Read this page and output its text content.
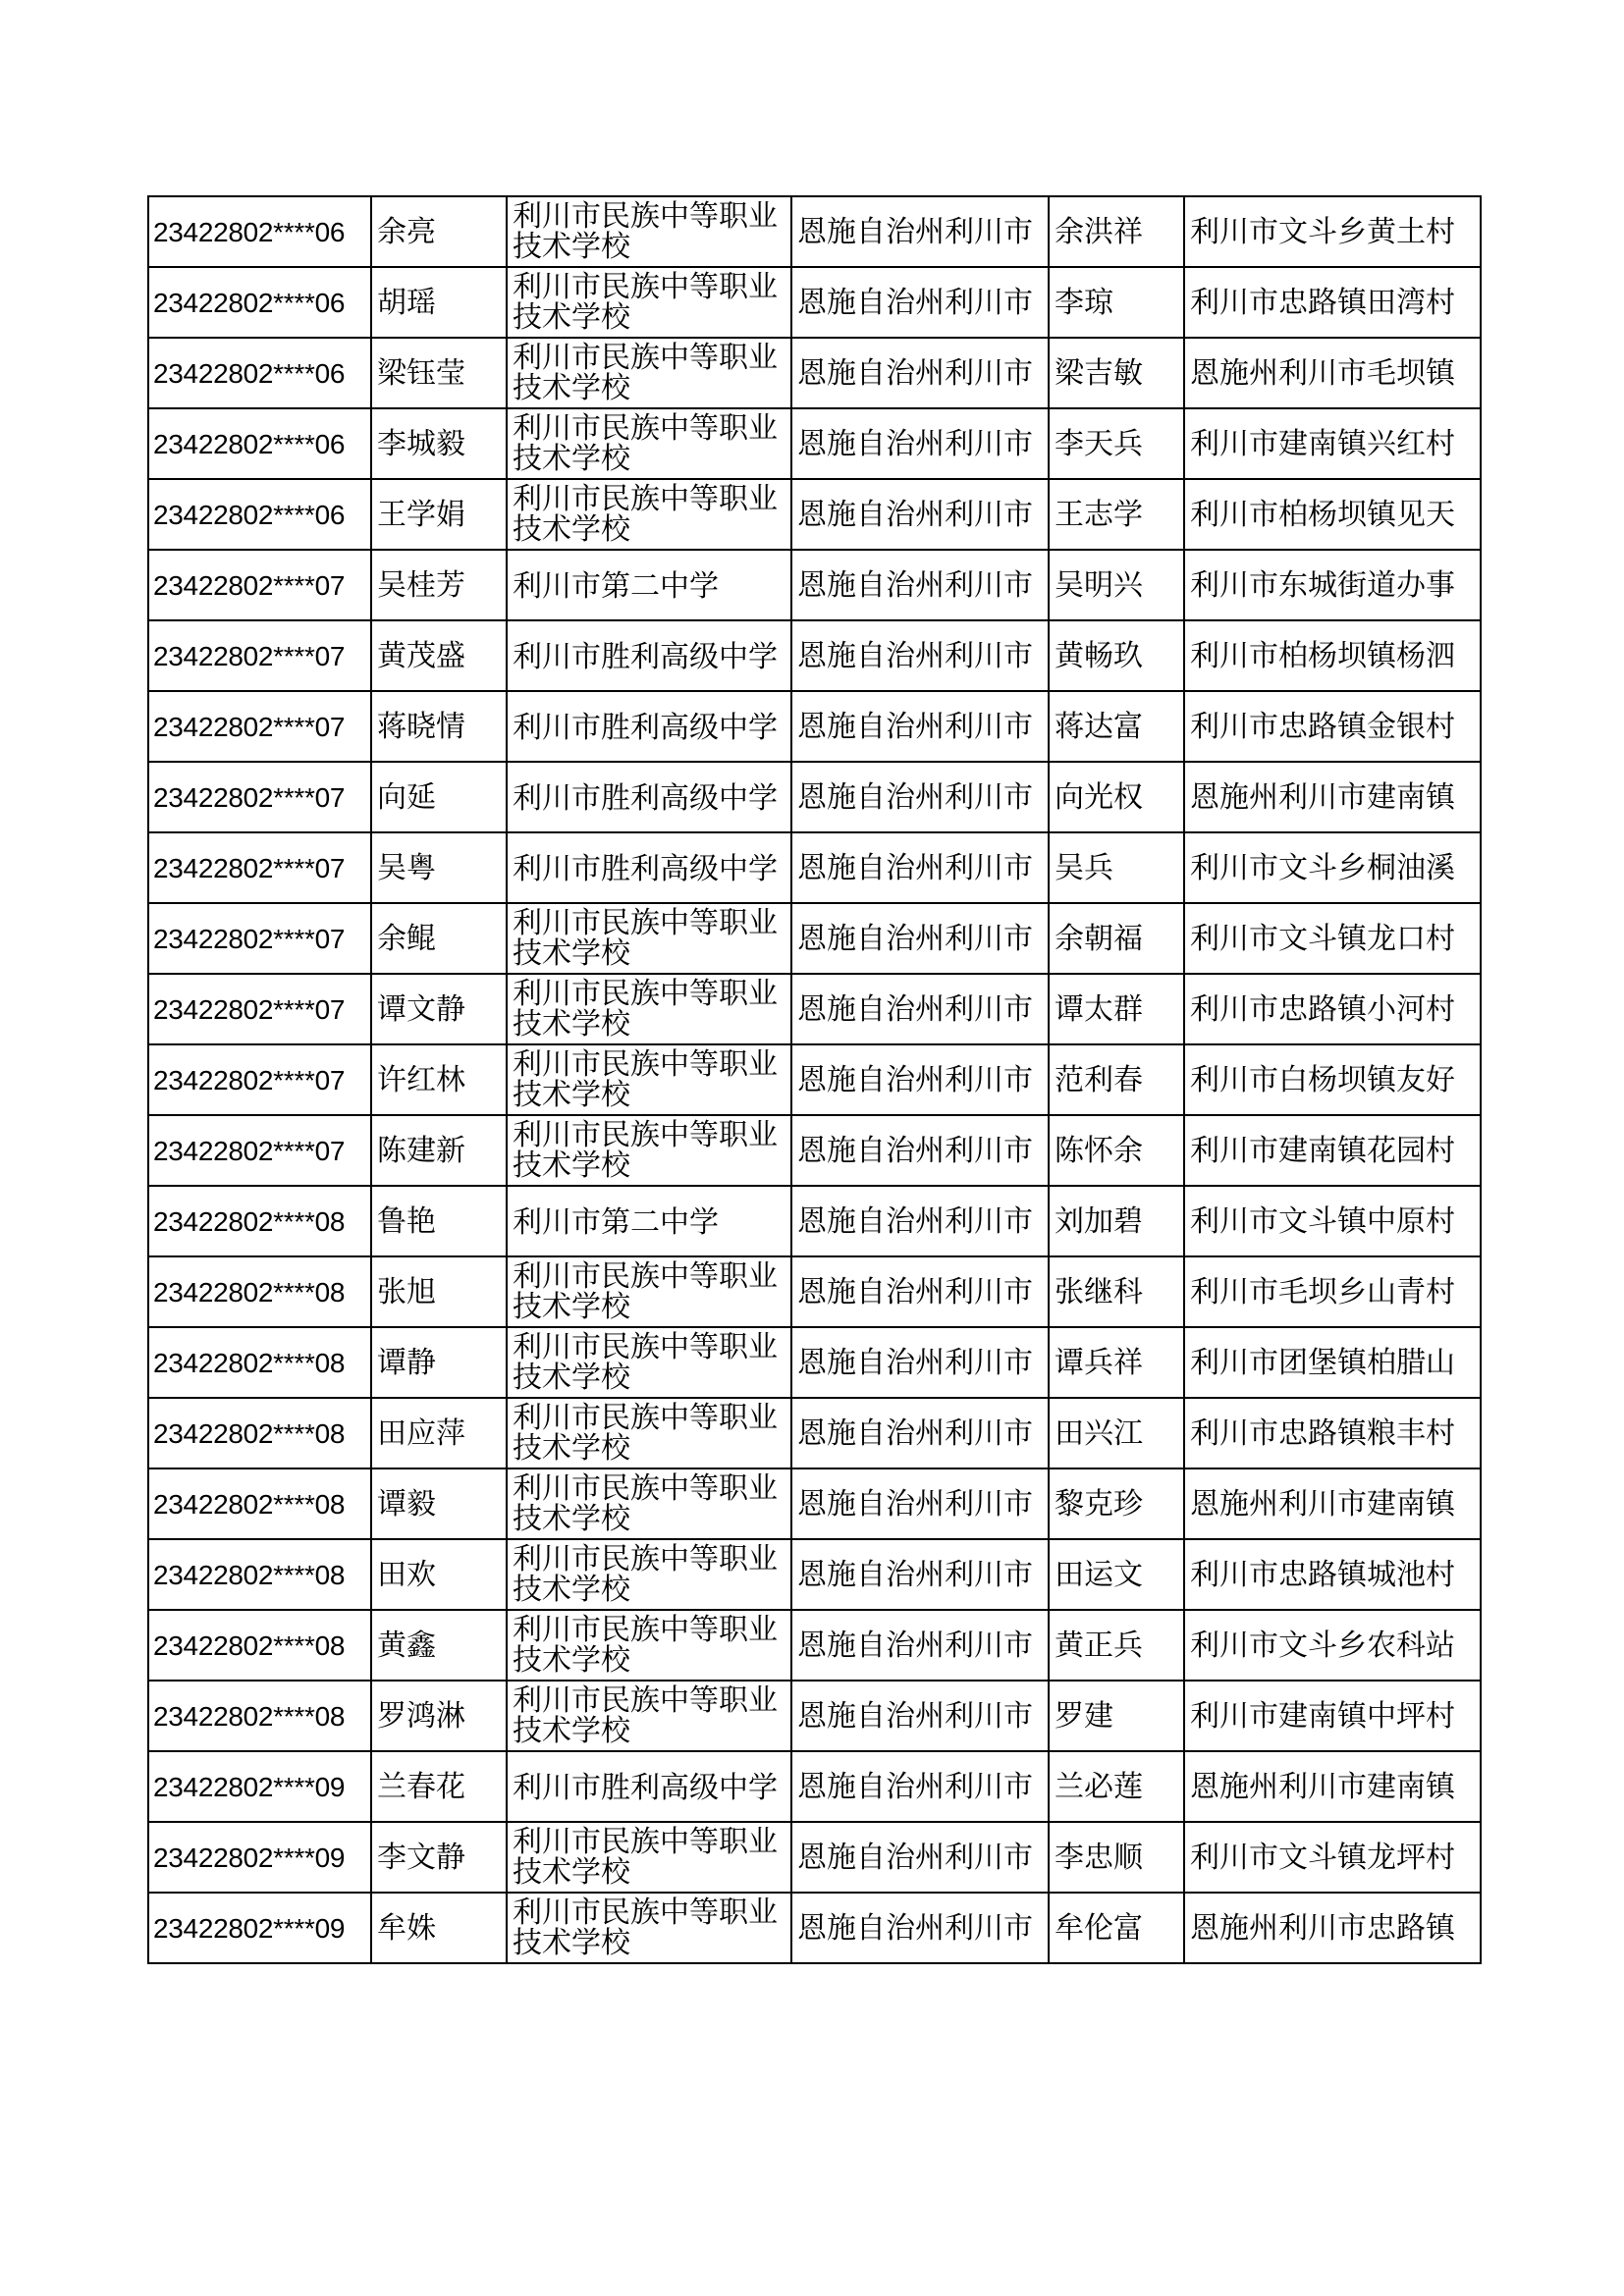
23422802****06	余亮	利川市民族中等职业技术学校	恩施自治州利川市	余洪祥	利川市文斗乡黄土村
23422802****06	胡瑶	利川市民族中等职业技术学校	恩施自治州利川市	李琼	利川市忠路镇田湾村
23422802****06	梁钰莹	利川市民族中等职业技术学校	恩施自治州利川市	梁吉敏	恩施州利川市毛坝镇
23422802****06	李城毅	利川市民族中等职业技术学校	恩施自治州利川市	李天兵	利川市建南镇兴红村
23422802****06	王学娟	利川市民族中等职业技术学校	恩施自治州利川市	王志学	利川市柏杨坝镇见天
23422802****07	吴桂芳	利川市第二中学	恩施自治州利川市	吴明兴	利川市东城街道办事
23422802****07	黄茂盛	利川市胜利高级中学	恩施自治州利川市	黄畅玖	利川市柏杨坝镇杨泗
23422802****07	蒋晓情	利川市胜利高级中学	恩施自治州利川市	蒋达富	利川市忠路镇金银村
23422802****07	向延	利川市胜利高级中学	恩施自治州利川市	向光权	恩施州利川市建南镇
23422802****07	吴粤	利川市胜利高级中学	恩施自治州利川市	吴兵	利川市文斗乡桐油溪
23422802****07	余鲲	利川市民族中等职业技术学校	恩施自治州利川市	余朝福	利川市文斗镇龙口村
23422802****07	谭文静	利川市民族中等职业技术学校	恩施自治州利川市	谭太群	利川市忠路镇小河村
23422802****07	许红林	利川市民族中等职业技术学校	恩施自治州利川市	范利春	利川市白杨坝镇友好
23422802****07	陈建新	利川市民族中等职业技术学校	恩施自治州利川市	陈怀余	利川市建南镇花园村
23422802****08	鲁艳	利川市第二中学	恩施自治州利川市	刘加碧	利川市文斗镇中原村
23422802****08	张旭	利川市民族中等职业技术学校	恩施自治州利川市	张继科	利川市毛坝乡山青村
23422802****08	谭静	利川市民族中等职业技术学校	恩施自治州利川市	谭兵祥	利川市团堡镇柏腊山
23422802****08	田应萍	利川市民族中等职业技术学校	恩施自治州利川市	田兴江	利川市忠路镇粮丰村
23422802****08	谭毅	利川市民族中等职业技术学校	恩施自治州利川市	黎克珍	恩施州利川市建南镇
23422802****08	田欢	利川市民族中等职业技术学校	恩施自治州利川市	田运文	利川市忠路镇城池村
23422802****08	黄鑫	利川市民族中等职业技术学校	恩施自治州利川市	黄正兵	利川市文斗乡农科站
23422802****08	罗鸿淋	利川市民族中等职业技术学校	恩施自治州利川市	罗建	利川市建南镇中坪村
23422802****09	兰春花	利川市胜利高级中学	恩施自治州利川市	兰必莲	恩施州利川市建南镇
23422802****09	李文静	利川市民族中等职业技术学校	恩施自治州利川市	李忠顺	利川市文斗镇龙坪村
23422802****09	牟姝	利川市民族中等职业技术学校	恩施自治州利川市	牟伦富	恩施州利川市忠路镇
